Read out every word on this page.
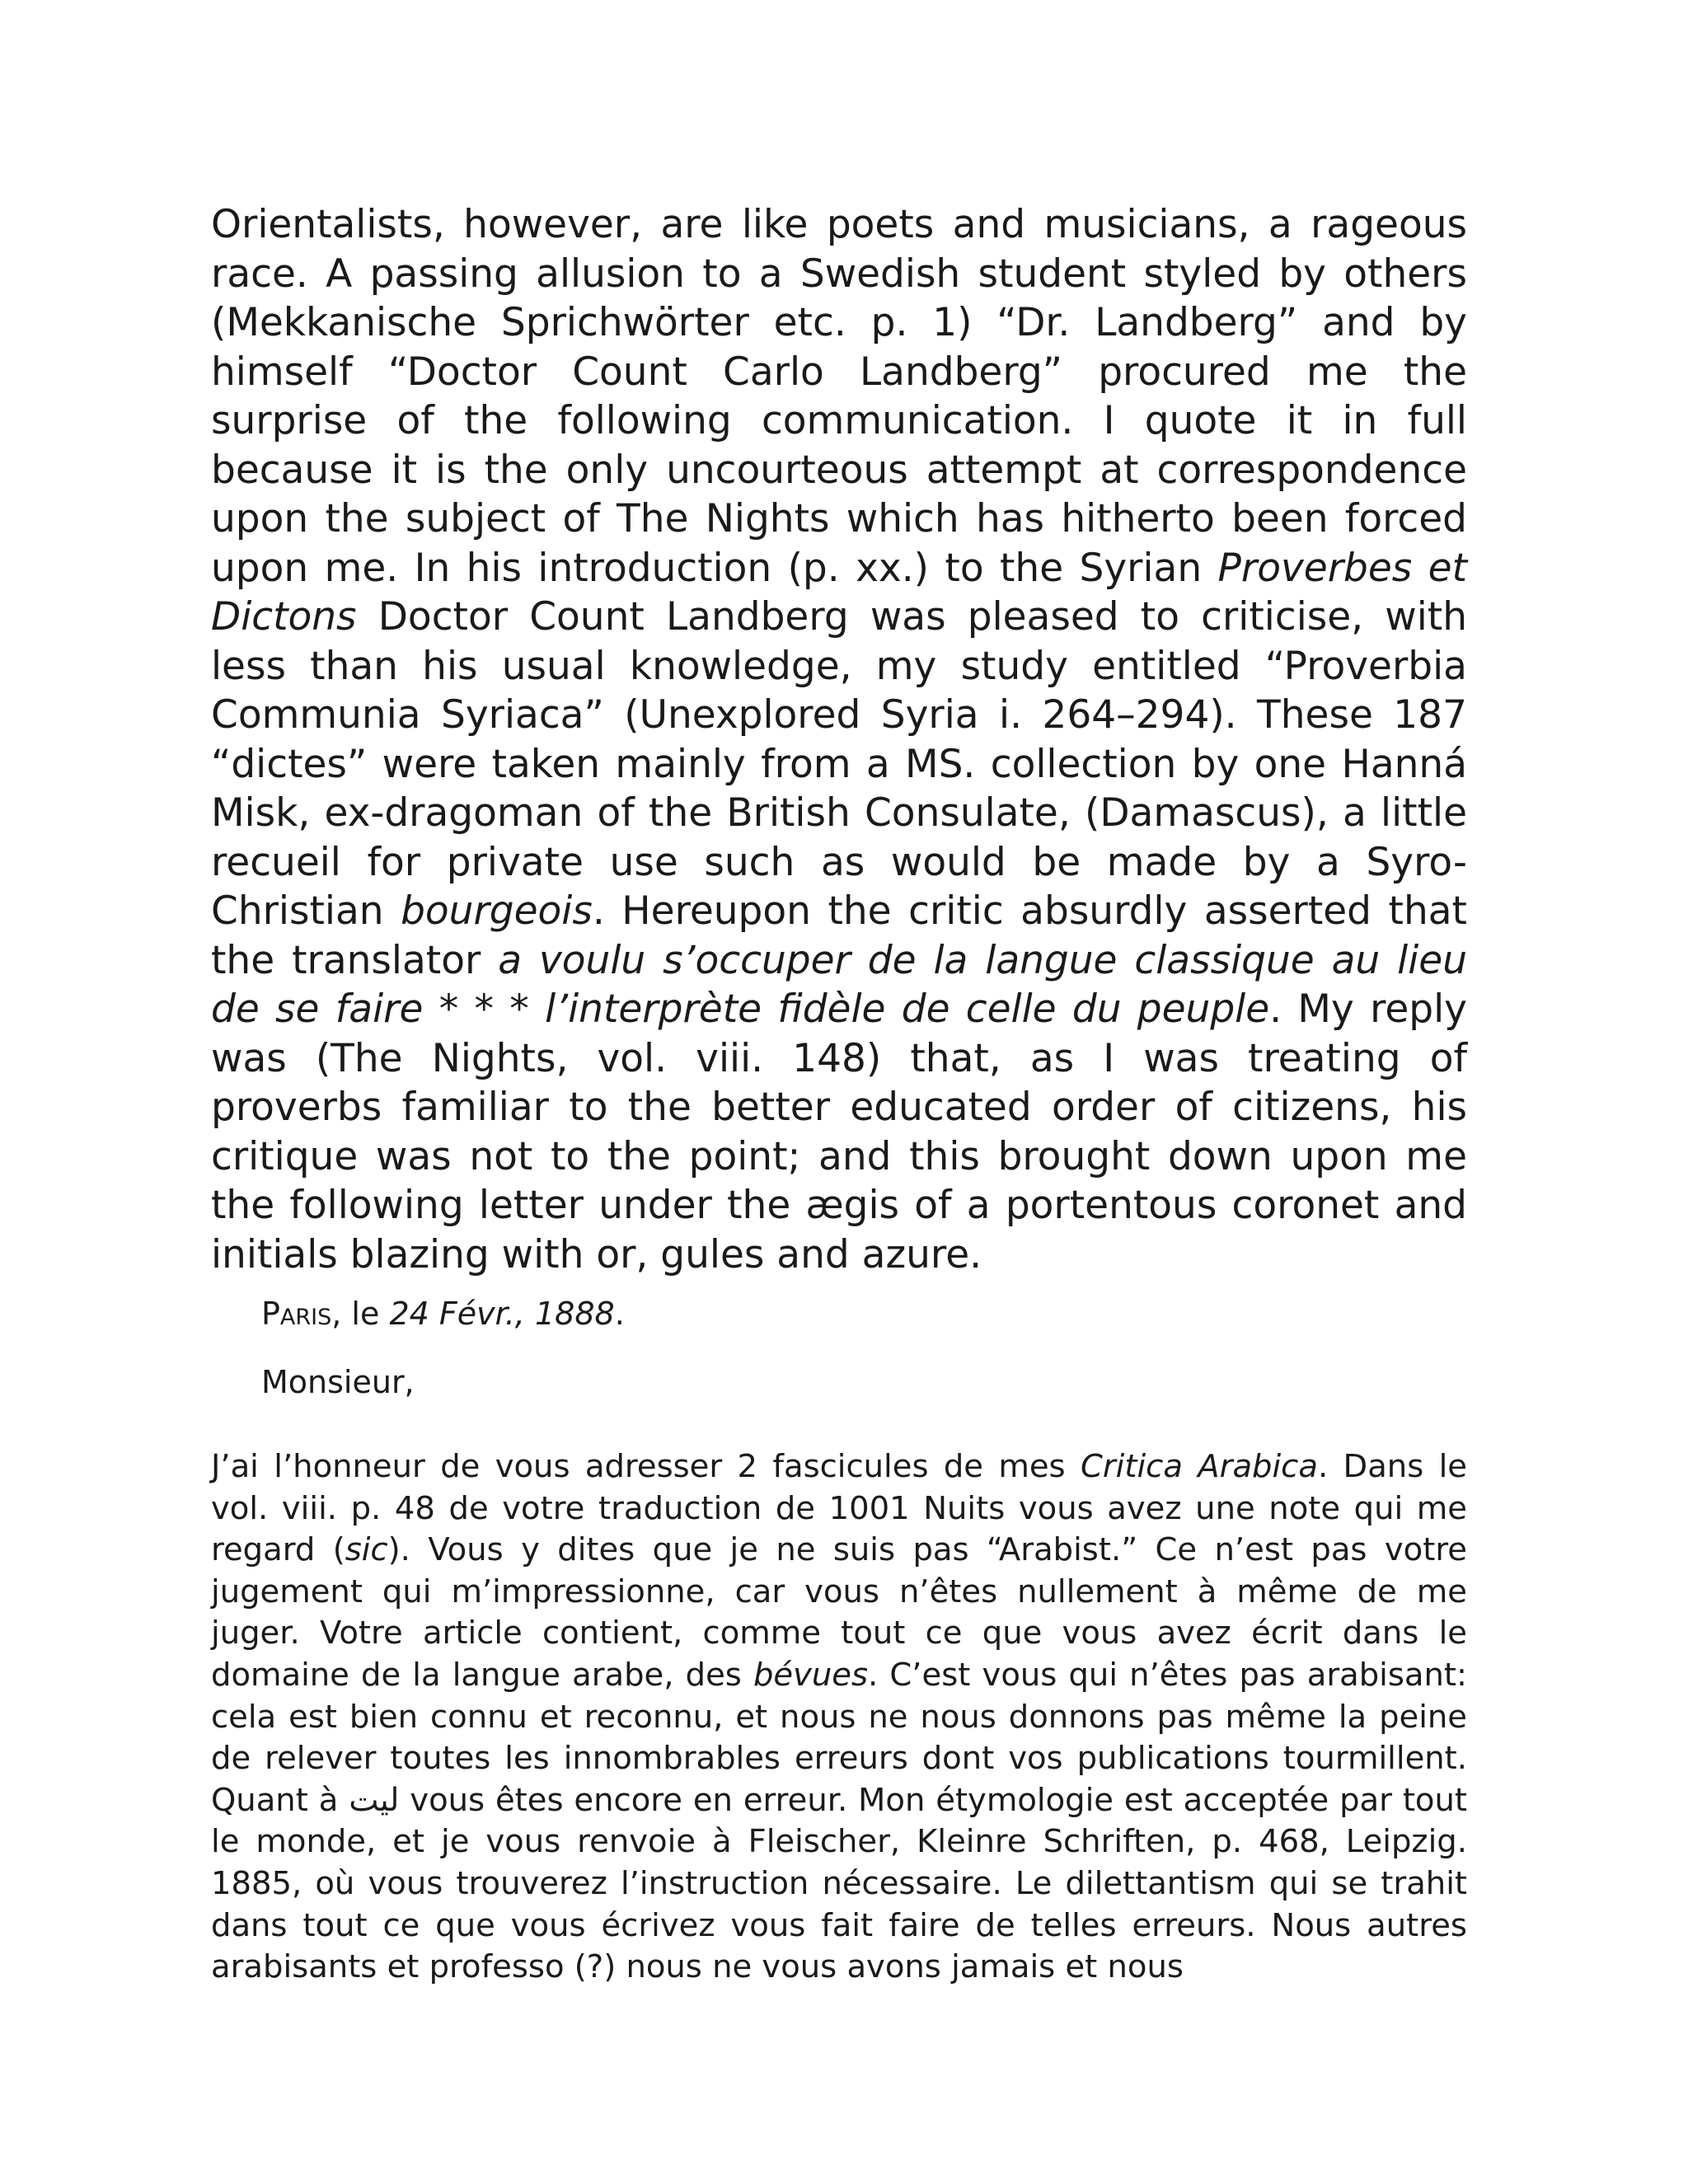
Orientalists, however, are like poets and musicians, a rageous race. A passing allusion to a Swedish student styled by others (Mekkanische Sprichwörter etc. p. 1) “Dr. Landberg” and by himself “Doctor Count Carlo Landberg” procured me the surprise of the following communication. I quote it in full because it is the only uncourteous attempt at correspondence upon the subject of The Nights which has hitherto been forced upon me. In his introduction (p. xx.) to the Syrian Proverbes et Dictons Doctor Count Landberg was pleased to criticise, with less than his usual knowledge, my study entitled “Proverbia Communia Syriaca” (Unexplored Syria i. 264–294). These 187 “dictes” were taken mainly from a MS. collection by one Hanná Misk, ex-dragoman of the British Consulate, (Damascus), a little recueil for private use such as would be made by a Syro-Christian bourgeois. Hereupon the critic absurdly asserted that the translator a voulu s’occuper de la langue classique au lieu de se faire * * * l’interprète fidèle de celle du peuple. My reply was (The Nights, vol. viii. 148) that, as I was treating of proverbs familiar to the better educated order of citizens, his critique was not to the point; and this brought down upon me the following letter under the ægis of a portentous coronet and initials blazing with or, gules and azure.

Paris, le 24 Févr., 1888.

Monsieur,

J’ai l’honneur de vous adresser 2 fascicules de mes Critica Arabica. Dans le vol. viii. p. 48 de votre traduction de 1001 Nuits vous avez une note qui me regard (sic). Vous y dites que je ne suis pas “Arabist.” Ce n’est pas votre jugement qui m’impressionne, car vous n’êtes nullement à même de me juger. Votre article contient, comme tout ce que vous avez écrit dans le domaine de la langue arabe, des bévues. C’est vous qui n’êtes pas arabisant: cela est bien connu et reconnu, et nous ne nous donnons pas même la peine de relever toutes les innombrables erreurs dont vos publications tourmillent. Quant à ليت vous êtes encore en erreur. Mon étymologie est acceptée par tout le monde, et je vous renvoie à Fleischer, Kleinre Schriften, p. 468, Leipzig. 1885, où vous trouverez l’instruction nécessaire. Le dilettantism qui se trahit dans tout ce que vous écrivez vous fait faire de telles erreurs. Nous autres arabisants et professo (?) nous ne vous avons jamais et nous
